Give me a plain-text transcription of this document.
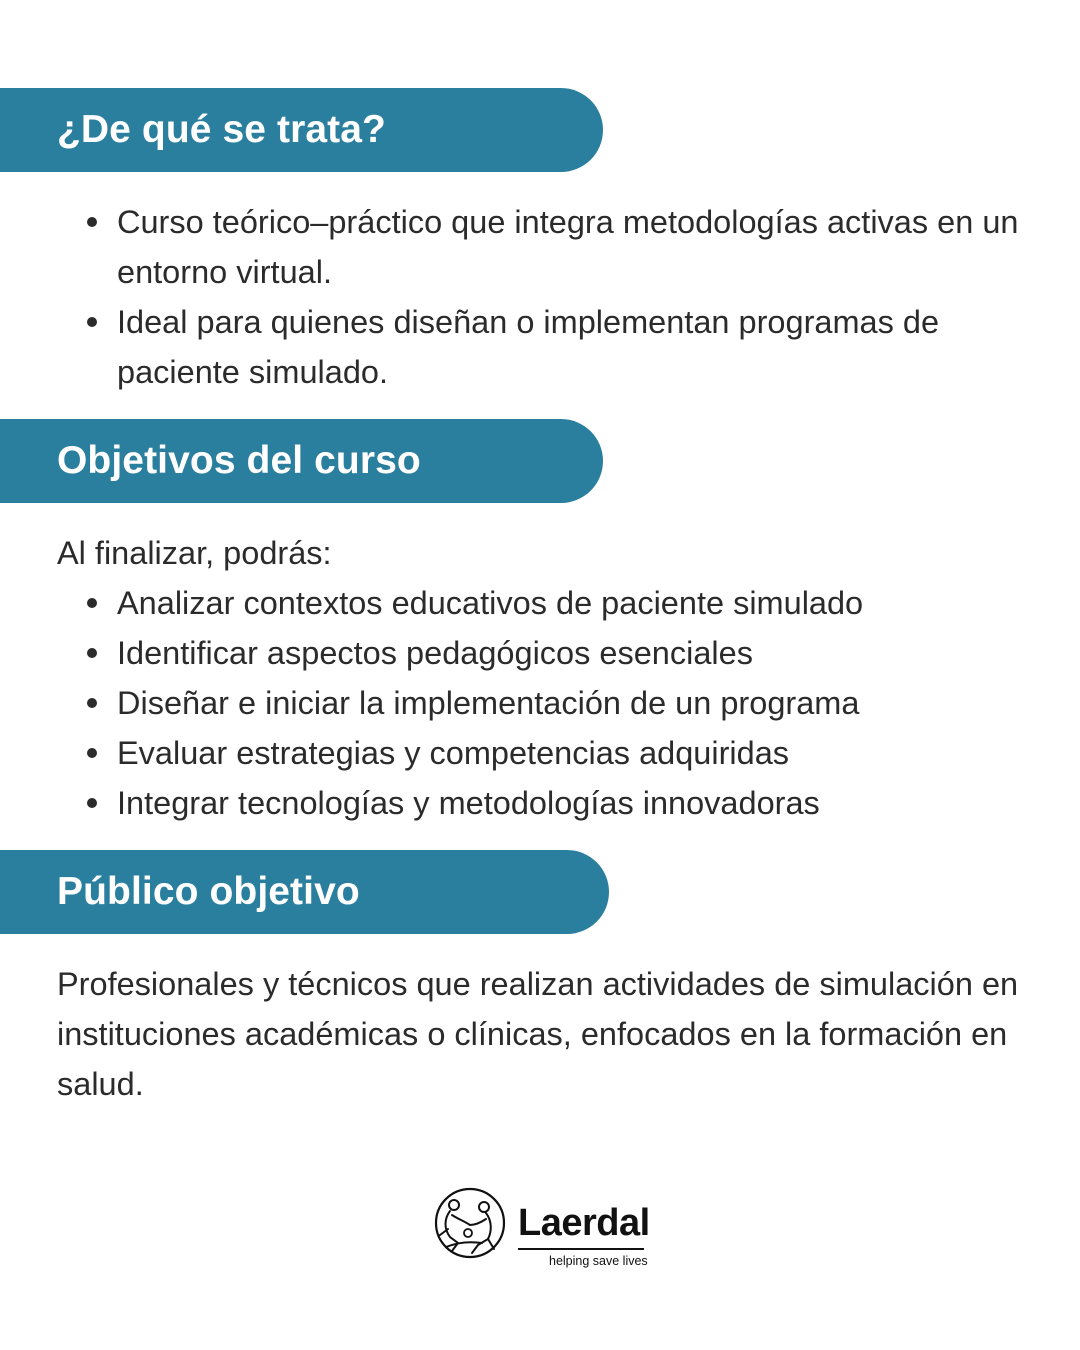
¿De qué se trata?
Curso teórico–práctico que integra metodologías activas en un entorno virtual.
Ideal para quienes diseñan o implementan programas de paciente simulado.
Objetivos del curso

Al finalizar, podrás:

Analizar contextos educativos de paciente simulado
Identificar aspectos pedagógicos esenciales
Diseñar e iniciar la implementación de un programa
Evaluar estrategias y competencias adquiridas
Integrar tecnologías y metodologías innovadoras
Público objetivo

Profesionales y técnicos que realizan actividades de simulación en instituciones académicas o clínicas, enfocados en la formación en salud.

Laerdal
helping save lives
